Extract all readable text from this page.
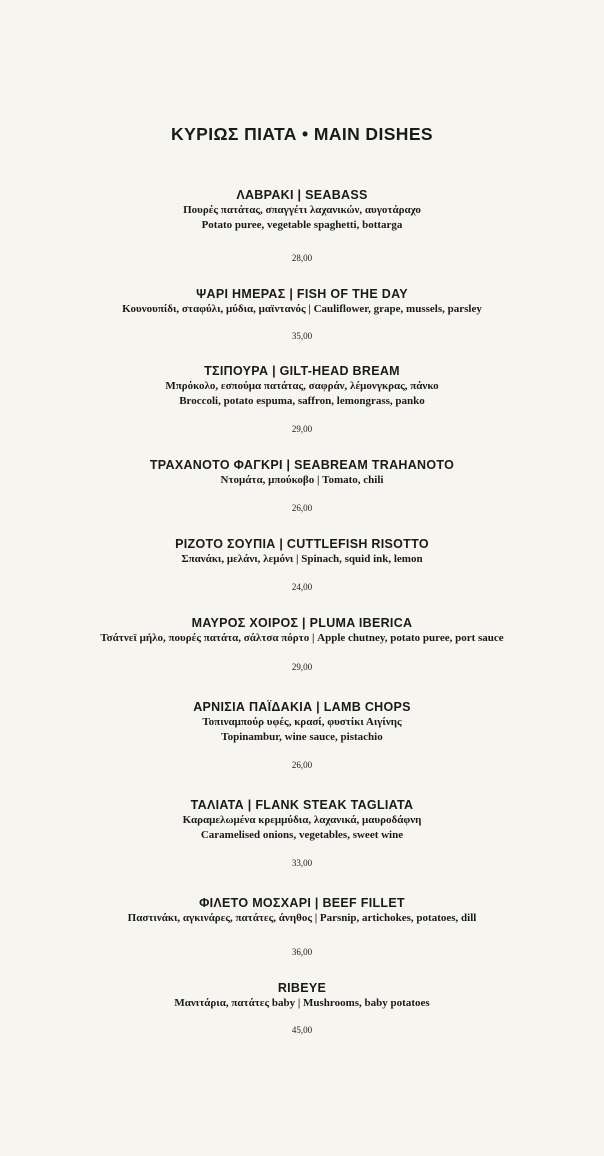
ΚΥΡΙΩΣ ΠΙΑΤΑ • MAIN DISHES
ΛΑΒΡΑΚΙ | SEABASS
Πουρές πατάτας, σπαγγέτι λαχανικών, αυγοτάραχο
Potato puree, vegetable spaghetti, bottarga
28,00
ΨΑΡΙ ΗΜΕΡΑΣ | FISH OF THE DAY
Κουνουπίδι, σταφύλι, μύδια, μαϊντανός | Cauliflower, grape, mussels, parsley
35,00
ΤΣΙΠΟΥΡΑ | GILT-HEAD BREAM
Μπρόκολο, εσπούμα πατάτας, σαφράν, λέμονγκρας, πάνκο
Broccoli, potato espuma, saffron, lemongrass, panko
29,00
ΤΡΑΧΑΝΟΤΟ ΦΑΓΚΡΙ | SEABREAM TRAHANOTO
Ντομάτα, μπούκοβο | Tomato, chili
26,00
ΡΙΖΟΤΟ ΣΟΥΠΙΑ | CUTTLEFISH RISOTTO
Σπανάκι, μελάνι, λεμόνι | Spinach, squid ink, lemon
24,00
ΜΑΥΡΟΣ ΧΟΙΡΟΣ | PLUMA IBERICA
Τσάτνεϊ μήλο, πουρές πατάτα, σάλτσα πόρτο | Apple chutney, potato puree, port sauce
29,00
ΑΡΝΙΣΙΑ ΠΑΪΔΑΚΙΑ | LAMB CHOPS
Τοπιναμπούρ υφές, κρασί, φυστίκι Αιγίνης
Topinambur, wine sauce, pistachio
26,00
ΤΑΛΙΑΤΑ | FLANK STEAK TAGLIATA
Καραμελωμένα κρεμμύδια, λαχανικά, μαυροδάφνη
Caramelised onions, vegetables, sweet wine
33,00
ΦΙΛΕΤΟ ΜΟΣΧΑΡΙ | BEEF FILLET
Παστινάκι, αγκινάρες, πατάτες, άνηθος | Parsnip, artichokes, potatoes, dill
36,00
RIBEYE
Μανιτάρια, πατάτες baby | Mushrooms, baby potatoes
45,00
